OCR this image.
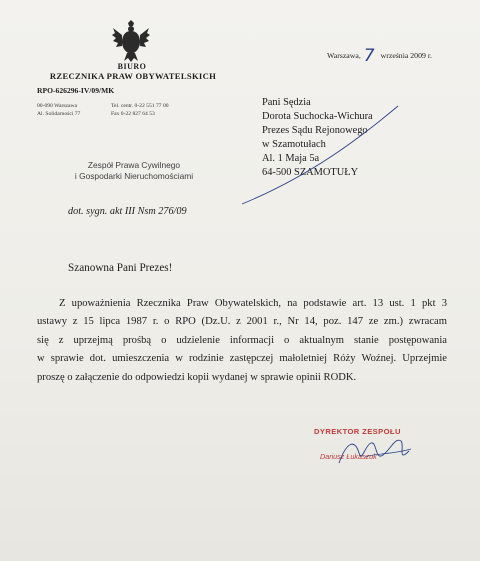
BIURO
RZECZNIKA PRAW OBYWATELSKICH
RPO-626296-IV/09/MK
00-090 Warszawa	Tel. centr. 0-22 551 77 00
Al. Solidarności 77	Fax 0-22 827 64 53
Zespół Prawa Cywilnego
i Gospodarki Nieruchomościami
Warszawa, 7 września 2009 r.
Pani Sędzia
Dorota Suchocka-Wichura
Prezes Sądu Rejonowego
w Szamotułach
Al. 1 Maja 5a
64-500 SZAMOTUŁY
dot. sygn. akt III Nsm 276/09
Szanowna Pani Prezes!
Z upoważnienia Rzecznika Praw Obywatelskich, na podstawie art. 13 ust. 1 pkt 3
ustawy z 15 lipca 1987 r. o RPO (Dz.U. z 2001 r., Nr 14, poz. 147 ze zm.) zwracam
się z uprzejmą prośbą o udzielenie informacji o aktualnym stanie postępowania
w sprawie dot. umieszczenia w rodzinie zastępczej małoletniej Róży Woźnej. Uprzejmie
proszę o załączenie do odpowiedzi kopii wydanej w sprawie opinii RODK.
DYREKTOR ZESPOŁU
Dariusz Łukaszuk
